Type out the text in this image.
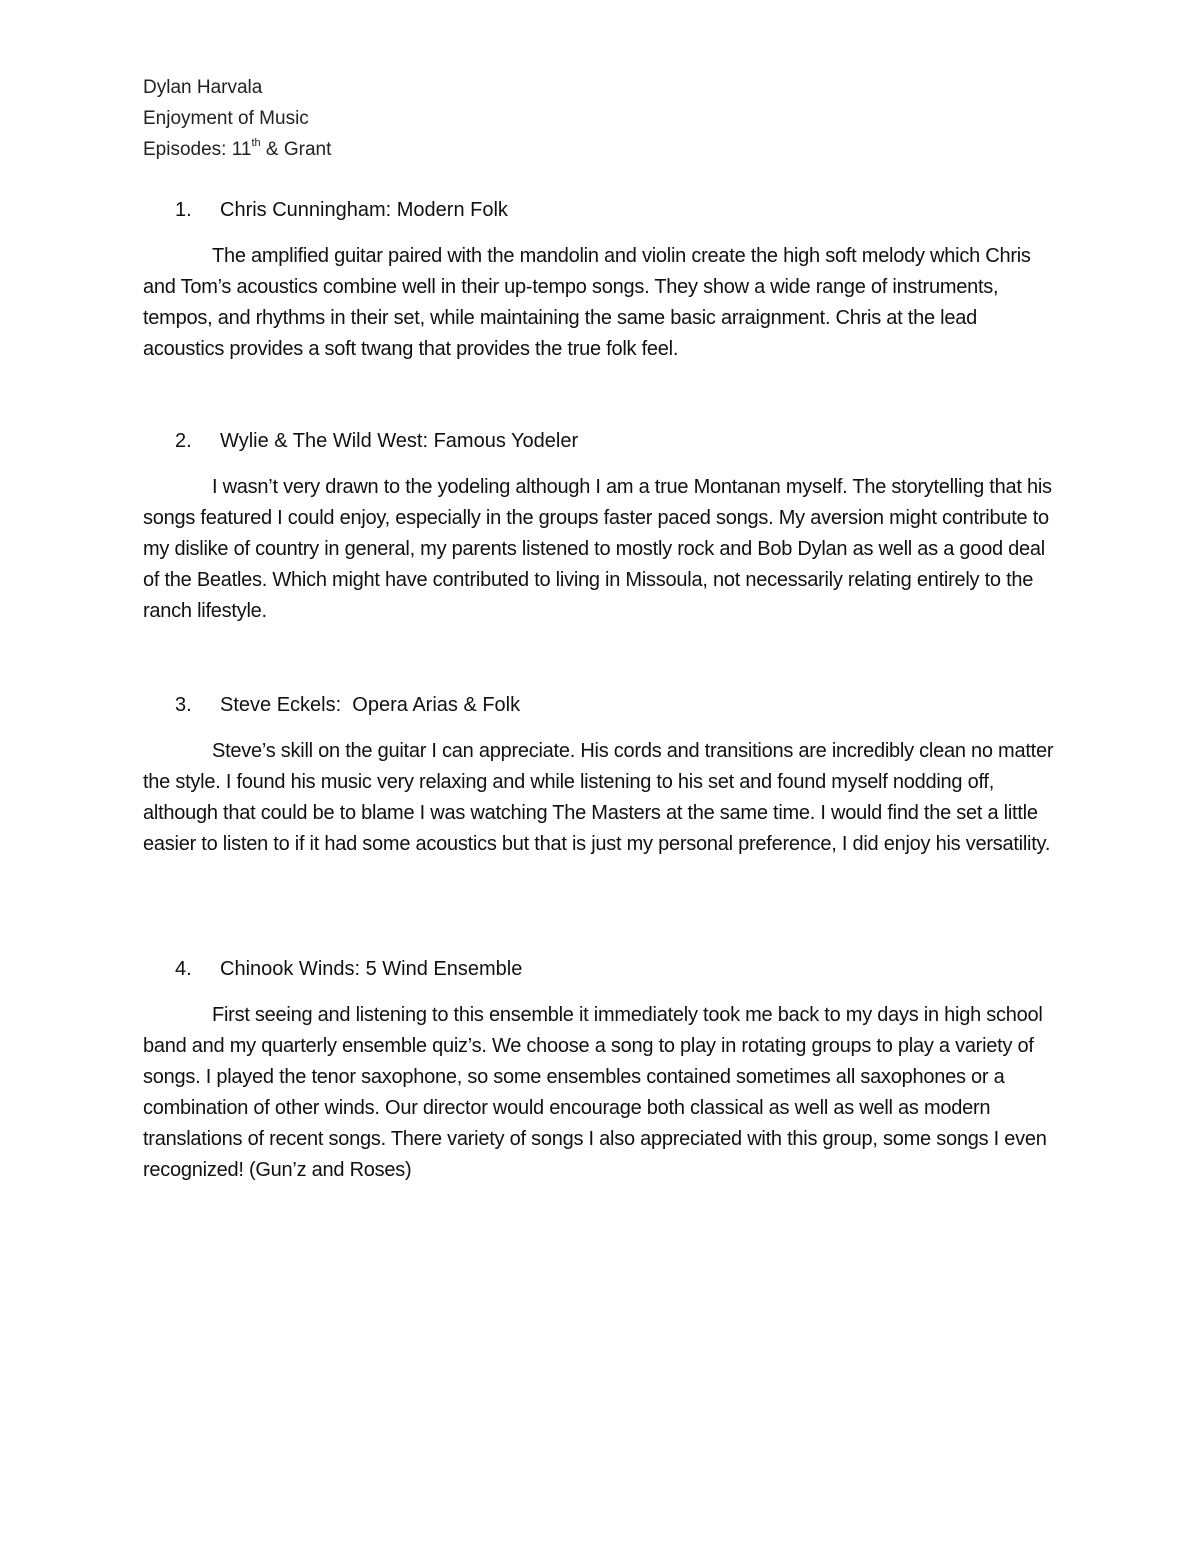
Dylan Harvala
Enjoyment of Music
Episodes: 11th & Grant
1.	Chris Cunningham: Modern Folk

The amplified guitar paired with the mandolin and violin create the high soft melody which Chris and Tom’s acoustics combine well in their up-tempo songs. They show a wide range of instruments, tempos, and rhythms in their set, while maintaining the same basic arraignment. Chris at the lead acoustics provides a soft twang that provides the true folk feel.

2.	Wylie & The Wild West: Famous Yodeler

I wasn’t very drawn to the yodeling although I am a true Montanan myself. The storytelling that his songs featured I could enjoy, especially in the groups faster paced songs. My aversion might contribute to my dislike of country in general, my parents listened to mostly rock and Bob Dylan as well as a good deal of the Beatles. Which might have contributed to living in Missoula, not necessarily relating entirely to the ranch lifestyle.

3.	Steve Eckels:  Opera Arias & Folk

Steve’s skill on the guitar I can appreciate. His cords and transitions are incredibly clean no matter the style. I found his music very relaxing and while listening to his set and found myself nodding off, although that could be to blame I was watching The Masters at the same time. I would find the set a little easier to listen to if it had some acoustics but that is just my personal preference, I did enjoy his versatility.

4.	Chinook Winds: 5 Wind Ensemble

First seeing and listening to this ensemble it immediately took me back to my days in high school band and my quarterly ensemble quiz’s. We choose a song to play in rotating groups to play a variety of songs. I played the tenor saxophone, so some ensembles contained sometimes all saxophones or a combination of other winds. Our director would encourage both classical as well as well as modern translations of recent songs. There variety of songs I also appreciated with this group, some songs I even recognized! (Gun’z and Roses)
